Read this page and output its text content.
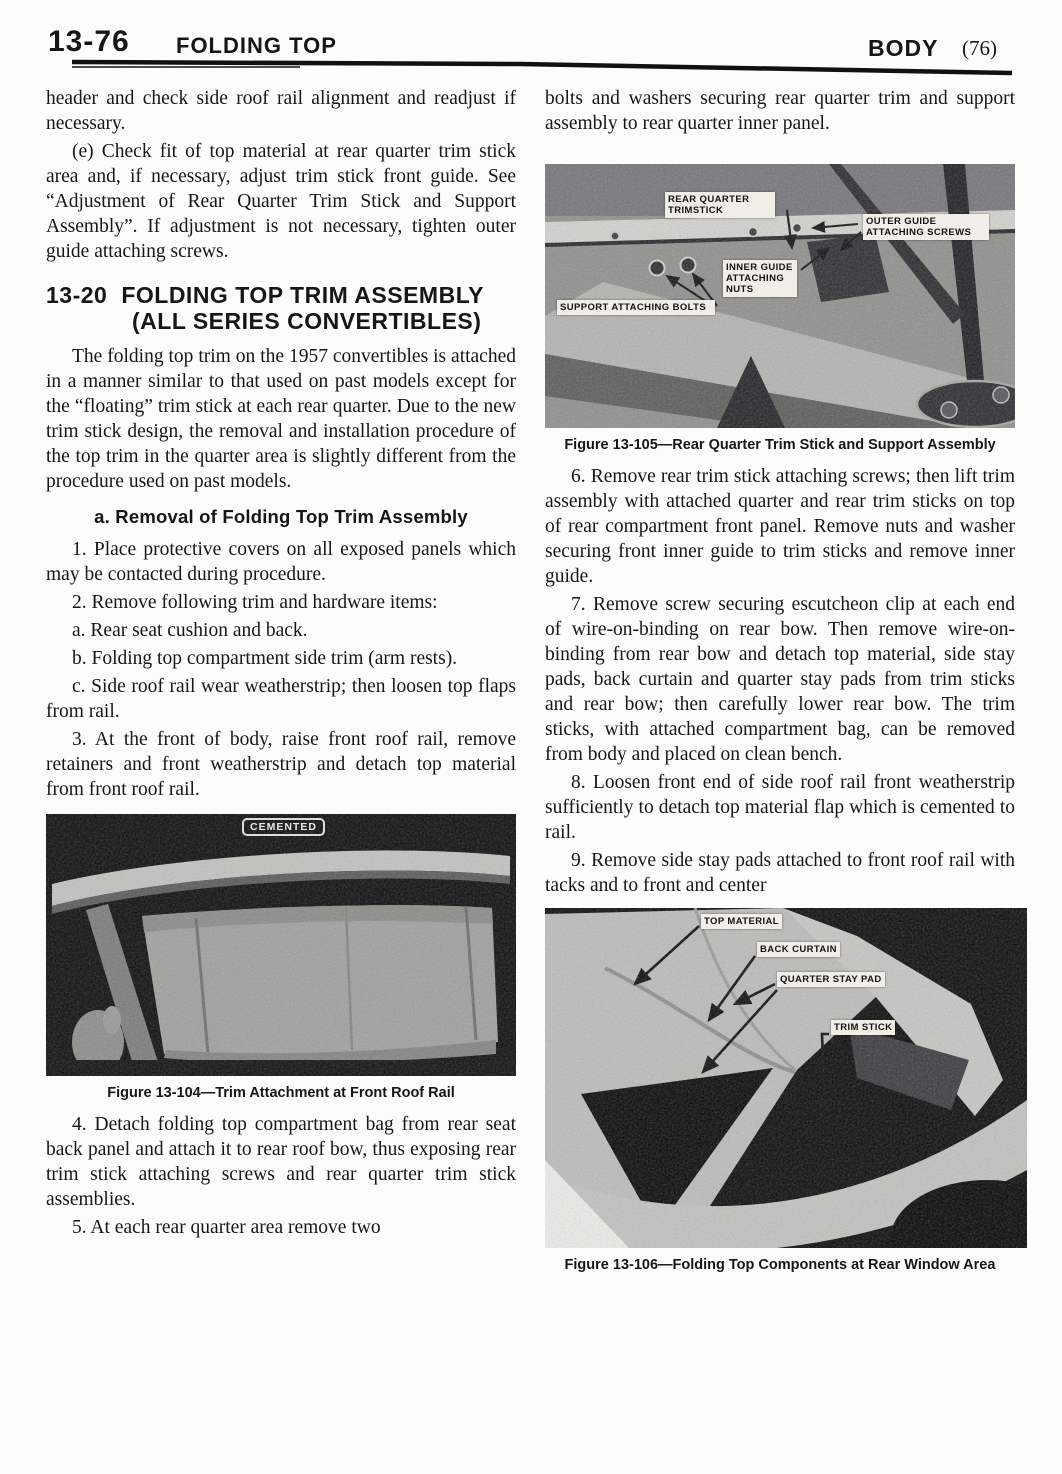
13-76 FOLDING TOP	BODY (76)

header and check side roof rail alignment and readjust if necessary.

(e) Check fit of top material at rear quarter trim stick area and, if necessary, adjust trim stick front guide. See “Adjustment of Rear Quarter Trim Stick and Support Assembly”. If adjustment is not necessary, tighten outer guide attaching screws.

13-20 FOLDING TOP TRIM ASSEMBLY
(ALL SERIES CONVERTIBLES)

The folding top trim on the 1957 convertibles is attached in a manner similar to that used on past models except for the “floating” trim stick at each rear quarter. Due to the new trim stick design, the removal and installation procedure of the top trim in the quarter area is slightly different from the procedure used on past models.

a. Removal of Folding Top Trim Assembly

1. Place protective covers on all exposed panels which may be contacted during procedure.

2. Remove following trim and hardware items:

a. Rear seat cushion and back.

b. Folding top compartment side trim (arm rests).

c. Side roof rail wear weatherstrip; then loosen top flaps from rail.

3. At the front of body, raise front roof rail, remove retainers and front weatherstrip and detach top material from front roof rail.

CEMENTED
Figure 13-104—Trim Attachment at Front Roof Rail

4. Detach folding top compartment bag from rear seat back panel and attach it to rear roof bow, thus exposing rear trim stick attaching screws and rear quarter trim stick assemblies.

5. At each rear quarter area remove two

bolts and washers securing rear quarter trim and support assembly to rear quarter inner panel.

REAR QUARTER TRIMSTICK
OUTER GUIDE ATTACHING SCREWS
INNER GUIDE ATTACHING NUTS
SUPPORT ATTACHING BOLTS
Figure 13-105—Rear Quarter Trim Stick and Support Assembly

6. Remove rear trim stick attaching screws; then lift trim assembly with attached quarter and rear trim sticks on top of rear compartment front panel. Remove nuts and washer securing front inner guide to trim sticks and remove inner guide.

7. Remove screw securing escutcheon clip at each end of wire-on-binding on rear bow. Then remove wire-on-binding from rear bow and detach top material, side stay pads, back curtain and quarter stay pads from trim sticks and rear bow; then carefully lower rear bow. The trim sticks, with attached compartment bag, can be removed from body and placed on clean bench.

8. Loosen front end of side roof rail front weatherstrip sufficiently to detach top material flap which is cemented to rail.

9. Remove side stay pads attached to front roof rail with tacks and to front and center

TOP MATERIAL
BACK CURTAIN
QUARTER STAY PAD
TRIM STICK
Figure 13-106—Folding Top Components at Rear Window Area
